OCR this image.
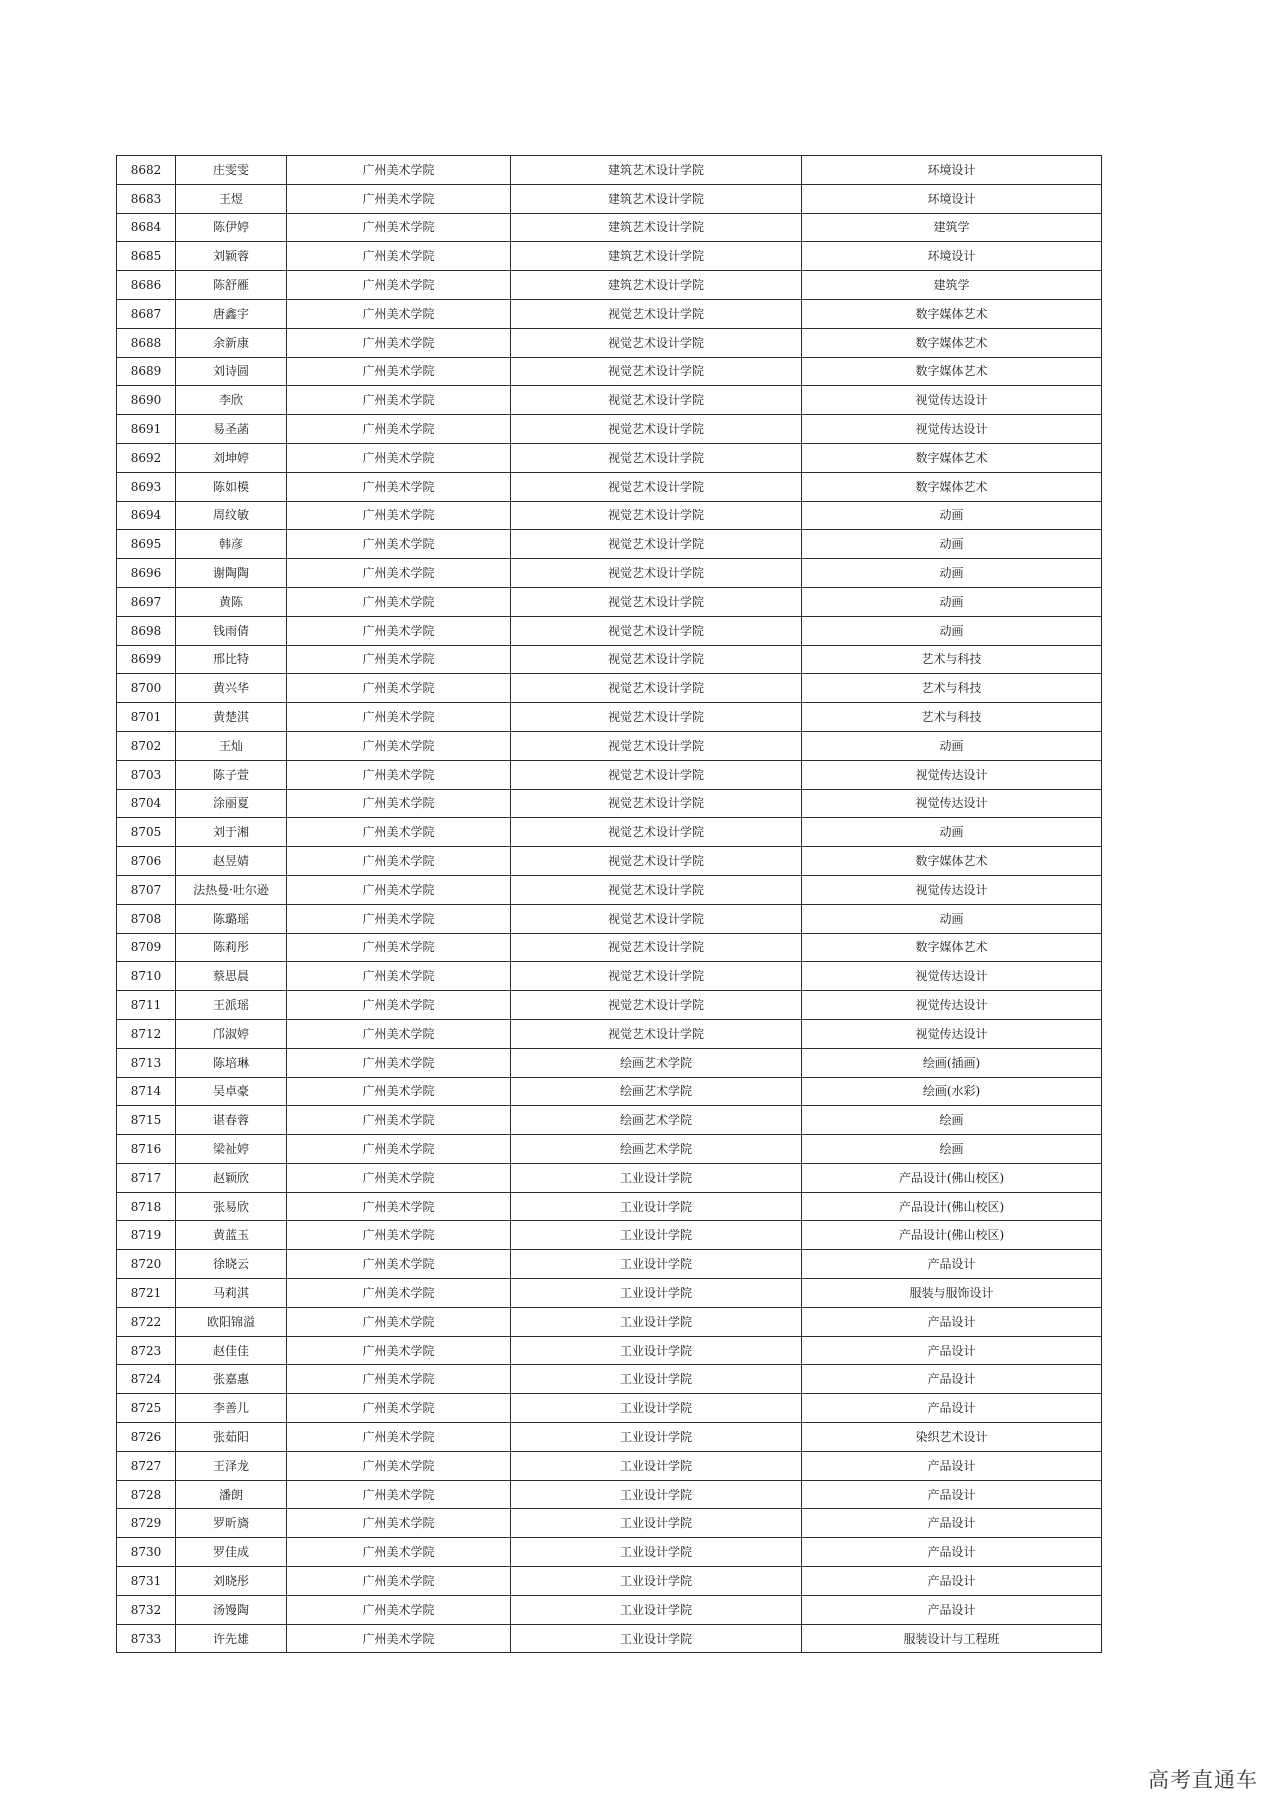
8682	庄雯雯	广州美术学院	建筑艺术设计学院	环境设计
8683	王煜	广州美术学院	建筑艺术设计学院	环境设计
8684	陈伊婷	广州美术学院	建筑艺术设计学院	建筑学
8685	刘颖蓉	广州美术学院	建筑艺术设计学院	环境设计
8686	陈舒雁	广州美术学院	建筑艺术设计学院	建筑学
8687	唐鑫宇	广州美术学院	视觉艺术设计学院	数字媒体艺术
8688	余新康	广州美术学院	视觉艺术设计学院	数字媒体艺术
8689	刘诗圆	广州美术学院	视觉艺术设计学院	数字媒体艺术
8690	李欣	广州美术学院	视觉艺术设计学院	视觉传达设计
8691	易圣菡	广州美术学院	视觉艺术设计学院	视觉传达设计
8692	刘坤婷	广州美术学院	视觉艺术设计学院	数字媒体艺术
8693	陈如模	广州美术学院	视觉艺术设计学院	数字媒体艺术
8694	周纹敏	广州美术学院	视觉艺术设计学院	动画
8695	韩彦	广州美术学院	视觉艺术设计学院	动画
8696	谢陶陶	广州美术学院	视觉艺术设计学院	动画
8697	黄陈	广州美术学院	视觉艺术设计学院	动画
8698	钱雨倩	广州美术学院	视觉艺术设计学院	动画
8699	邢比特	广州美术学院	视觉艺术设计学院	艺术与科技
8700	黄兴华	广州美术学院	视觉艺术设计学院	艺术与科技
8701	黄楚淇	广州美术学院	视觉艺术设计学院	艺术与科技
8702	王灿	广州美术学院	视觉艺术设计学院	动画
8703	陈子萱	广州美术学院	视觉艺术设计学院	视觉传达设计
8704	涂丽夏	广州美术学院	视觉艺术设计学院	视觉传达设计
8705	刘于湘	广州美术学院	视觉艺术设计学院	动画
8706	赵昱婧	广州美术学院	视觉艺术设计学院	数字媒体艺术
8707	法热曼·吐尔逊	广州美术学院	视觉艺术设计学院	视觉传达设计
8708	陈璐瑶	广州美术学院	视觉艺术设计学院	动画
8709	陈莉彤	广州美术学院	视觉艺术设计学院	数字媒体艺术
8710	蔡思晨	广州美术学院	视觉艺术设计学院	视觉传达设计
8711	王派瑶	广州美术学院	视觉艺术设计学院	视觉传达设计
8712	邝淑婷	广州美术学院	视觉艺术设计学院	视觉传达设计
8713	陈培琳	广州美术学院	绘画艺术学院	绘画(插画)
8714	吴卓豪	广州美术学院	绘画艺术学院	绘画(水彩)
8715	谌春蓉	广州美术学院	绘画艺术学院	绘画
8716	梁祉婷	广州美术学院	绘画艺术学院	绘画
8717	赵颖欣	广州美术学院	工业设计学院	产品设计(佛山校区)
8718	张易欣	广州美术学院	工业设计学院	产品设计(佛山校区)
8719	黄蓝玉	广州美术学院	工业设计学院	产品设计(佛山校区)
8720	徐晓云	广州美术学院	工业设计学院	产品设计
8721	马莉淇	广州美术学院	工业设计学院	服装与服饰设计
8722	欧阳锦溢	广州美术学院	工业设计学院	产品设计
8723	赵佳佳	广州美术学院	工业设计学院	产品设计
8724	张嘉惠	广州美术学院	工业设计学院	产品设计
8725	李善儿	广州美术学院	工业设计学院	产品设计
8726	张茹阳	广州美术学院	工业设计学院	染织艺术设计
8727	王泽龙	广州美术学院	工业设计学院	产品设计
8728	潘朗	广州美术学院	工业设计学院	产品设计
8729	罗昕旖	广州美术学院	工业设计学院	产品设计
8730	罗佳成	广州美术学院	工业设计学院	产品设计
8731	刘晓彤	广州美术学院	工业设计学院	产品设计
8732	汤馒陶	广州美术学院	工业设计学院	产品设计
8733	许先雄	广州美术学院	工业设计学院	服装设计与工程班
高考直通车
